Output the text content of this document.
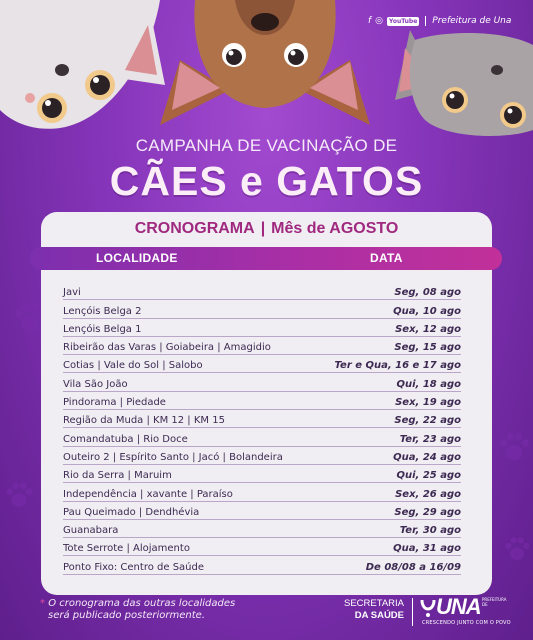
f ◎	YouTube Prefeitura de Una
CAMPANHA DE VACINAÇÃO DE
CÃES e GATOS
CRONOGRAMA | Mês de AGOSTO
LOCALIDADE	DATA
Javi	Seg, 08 ago
Lençóis Belga 2	Qua, 10 ago
Lençóis Belga 1	Sex, 12 ago
Ribeirão das Varas | Goiabeira | Amagidio	Seg, 15 ago
Cotias | Vale do Sol | Salobo	Ter e Qua, 16 e 17 ago
Vila São João	Qui, 18 ago
Pindorama | Piedade	Sex, 19 ago
Região da Muda | KM 12 | KM 15	Seg, 22 ago
Comandatuba | Rio Doce	Ter, 23 ago
Outeiro 2 | Espírito Santo | Jacó | Bolandeira	Qua, 24 ago
Rio da Serra | Maruim	Qui, 25 ago
Independência | xavante | Paraíso	Sex, 26 ago
Pau Queimado | Dendhévia	Seg, 29 ago
Guanabara	Ter, 30 ago
Tote Serrote | Alojamento	Qua, 31 ago
Ponto Fixo: Centro de Saúde	De 08/08 a 16/09
* O cronograma das outras localidades
será publicado posteriormente.
SECRETARIA
DA SAÚDE UNA PREFEITURA DE
CRESCENDO JUNTO COM O POVO
